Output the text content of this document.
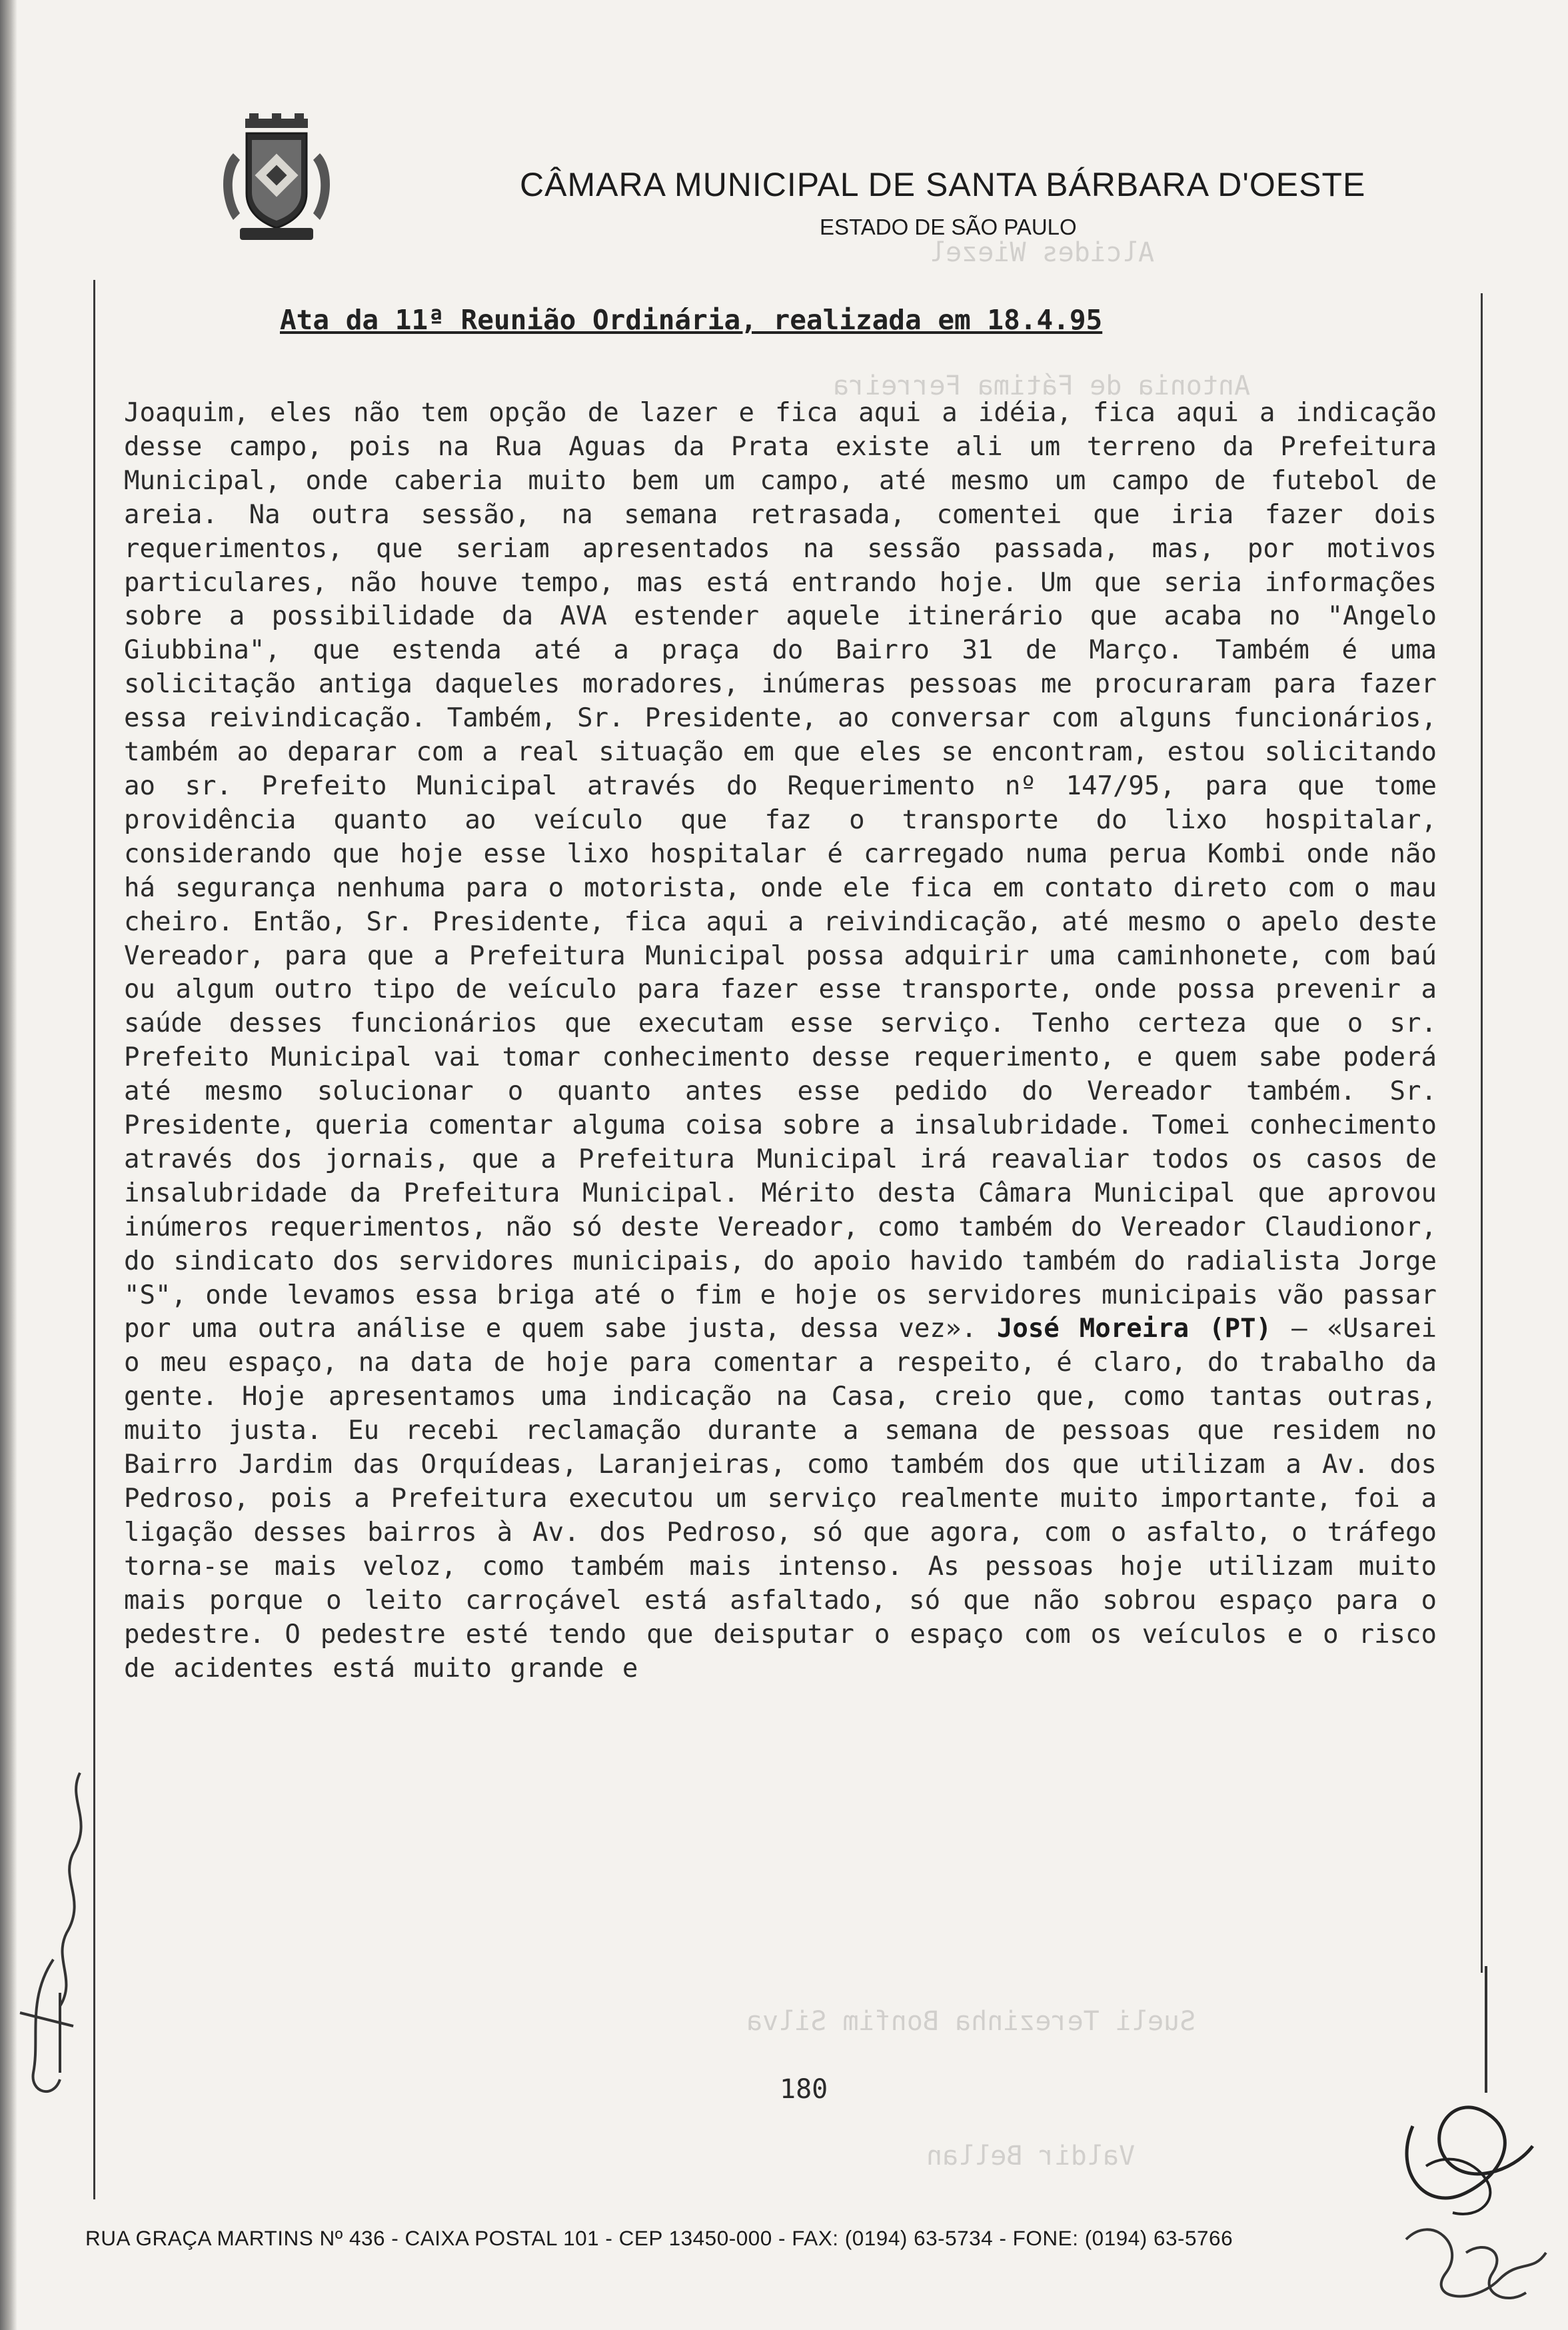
Alcides Wiezel
Antonia de Fátima Ferreira
Sueli Terezinha Bonfim Silva
Valdir Bellan
CÂMARA MUNICIPAL DE SANTA BÁRBARA D'OESTE
ESTADO DE SÃO PAULO
Ata da 11ª Reunião Ordinária, realizada em 18.4.95
Joaquim, eles não tem opção de lazer e fica aqui a idéia, fica aqui a indicação desse campo, pois na Rua Aguas da Prata existe ali um terreno da Prefeitura Municipal, onde caberia muito bem um campo, até mesmo um campo de futebol de areia. Na outra sessão, na semana retrasada, comentei que iria fazer dois requerimentos, que seriam apresentados na sessão passada, mas, por motivos particulares, não houve tempo, mas está entrando hoje. Um que seria informações sobre a possibilidade da AVA estender aquele itinerário que acaba no "Angelo Giubbina", que estenda até a praça do Bairro 31 de Março. Também é uma solicitação antiga daqueles moradores, inúmeras pessoas me procuraram para fazer essa reivindicação. Também, Sr. Presidente, ao conversar com alguns funcionários, também ao deparar com a real situação em que eles se encontram, estou solicitando ao sr. Prefeito Municipal através do Requerimento nº 147/95, para que tome providência quanto ao veículo que faz o transporte do lixo hospitalar, considerando que hoje esse lixo hospitalar é carregado numa perua Kombi onde não há segurança nenhuma para o motorista, onde ele fica em contato direto com o mau cheiro. Então, Sr. Presidente, fica aqui a reivindicação, até mesmo o apelo deste Vereador, para que a Prefeitura Municipal possa adquirir uma caminhonete, com baú ou algum outro tipo de veículo para fazer esse transporte, onde possa prevenir a saúde desses funcionários que executam esse serviço. Tenho certeza que o sr. Prefeito Municipal vai tomar conhecimento desse requerimento, e quem sabe poderá até mesmo solucionar o quanto antes esse pedido do Vereador também. Sr. Presidente, queria comentar alguma coisa sobre a insalubridade. Tomei conhecimento através dos jornais, que a Prefeitura Municipal irá reavaliar todos os casos de insalubridade da Prefeitura Municipal. Mérito desta Câmara Municipal que aprovou inúmeros requerimentos, não só deste Vereador, como também do Vereador Claudionor, do sindicato dos servidores municipais, do apoio havido também do radialista Jorge "S", onde levamos essa briga até o fim e hoje os servidores municipais vão passar por uma outra análise e quem sabe justa, dessa vez». José Moreira (PT) – «Usarei o meu espaço, na data de hoje para comentar a respeito, é claro, do trabalho da gente. Hoje apresentamos uma indicação na Casa, creio que, como tantas outras, muito justa. Eu recebi reclamação durante a semana de pessoas que residem no Bairro Jardim das Orquídeas, Laranjeiras, como também dos que utilizam a Av. dos Pedroso, pois a Prefeitura executou um serviço realmente muito importante, foi a ligação desses bairros à Av. dos Pedroso, só que agora, com o asfalto, o tráfego torna-se mais veloz, como também mais intenso. As pessoas hoje utilizam muito mais porque o leito carroçável está asfaltado, só que não sobrou espaço para o pedestre. O pedestre esté tendo que deisputar o espaço com os veículos e o risco de acidentes está muito grande e
180
RUA GRAÇA MARTINS Nº 436 - CAIXA POSTAL 101 - CEP 13450-000 - FAX: (0194) 63-5734 - FONE: (0194) 63-5766
